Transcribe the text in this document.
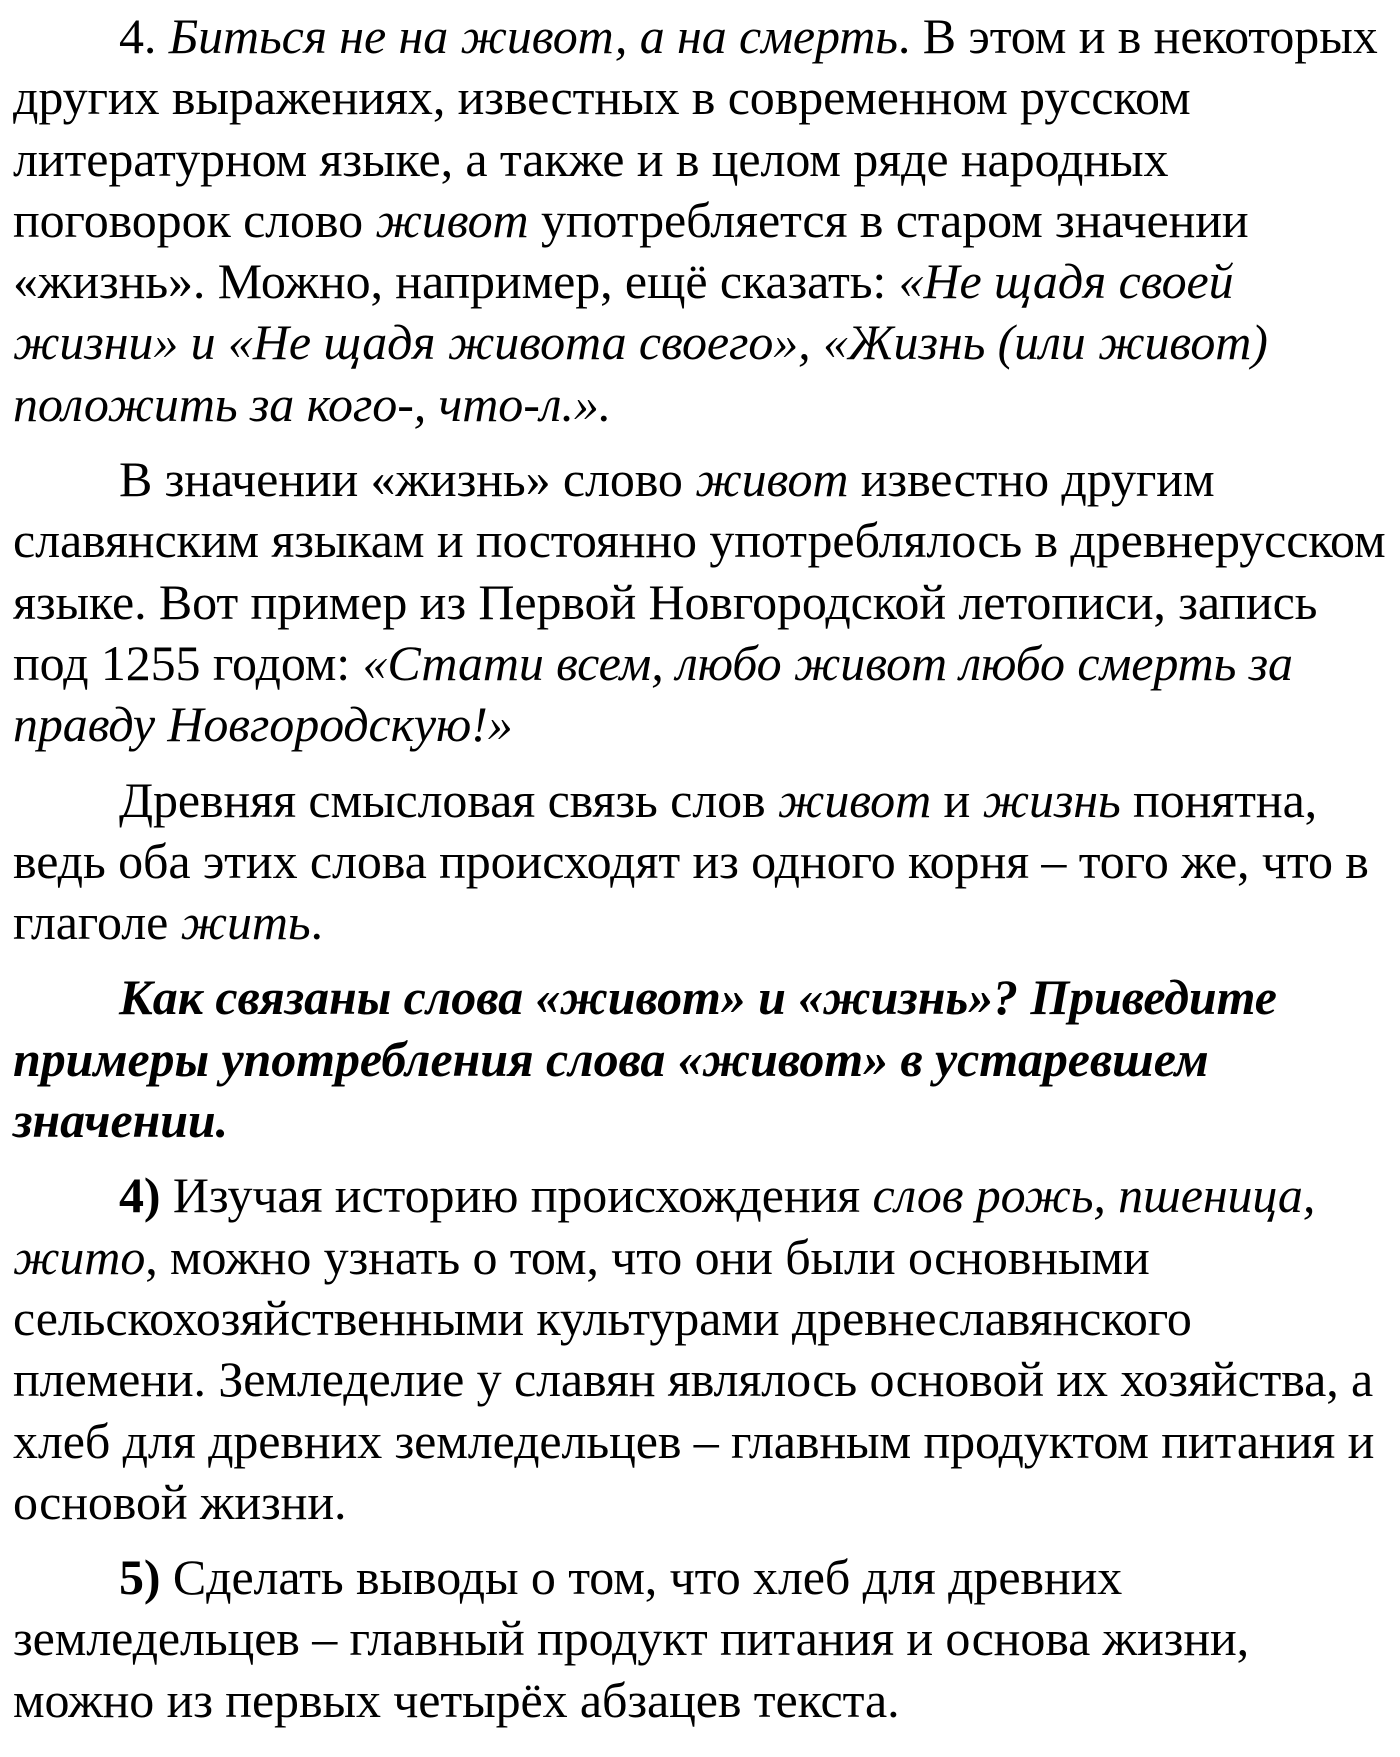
4. Биться не на живот, а на смерть. В этом и в некоторых других выражениях, известных в современном русском литературном языке, а также и в целом ряде народных поговорок слово живот употребляется в старом значении «жизнь». Можно, например, ещё сказать: «Не щадя своей жизни» и «Не щадя живота своего», «Жизнь (или живот) положить за кого-, что-л.».

В значении «жизнь» слово живот известно другим славянским языкам и постоянно употреблялось в древнерусском языке. Вот пример из Первой Новгородской летописи, запись под 1255 годом: «Стати всем, любо живот любо смерть за правду Новгородскую!»

Древняя смысловая связь слов живот и жизнь понятна, ведь оба этих слова происходят из одного корня – того же, что в глаголе жить.

Как связаны слова «живот» и «жизнь»? Приведите примеры употребления слова «живот» в устаревшем значении.

4) Изучая историю происхождения слов рожь, пшеница, жито, можно узнать о том, что они были основными сельскохозяйственными культурами древнеславянского племени. Земледелие у славян являлось основой их хозяйства, а хлеб для древних земледельцев – главным продуктом питания и основой жизни.

5) Сделать выводы о том, что хлеб для древних земледельцев – главный продукт питания и основа жизни, можно из первых четырёх абзацев текста.
